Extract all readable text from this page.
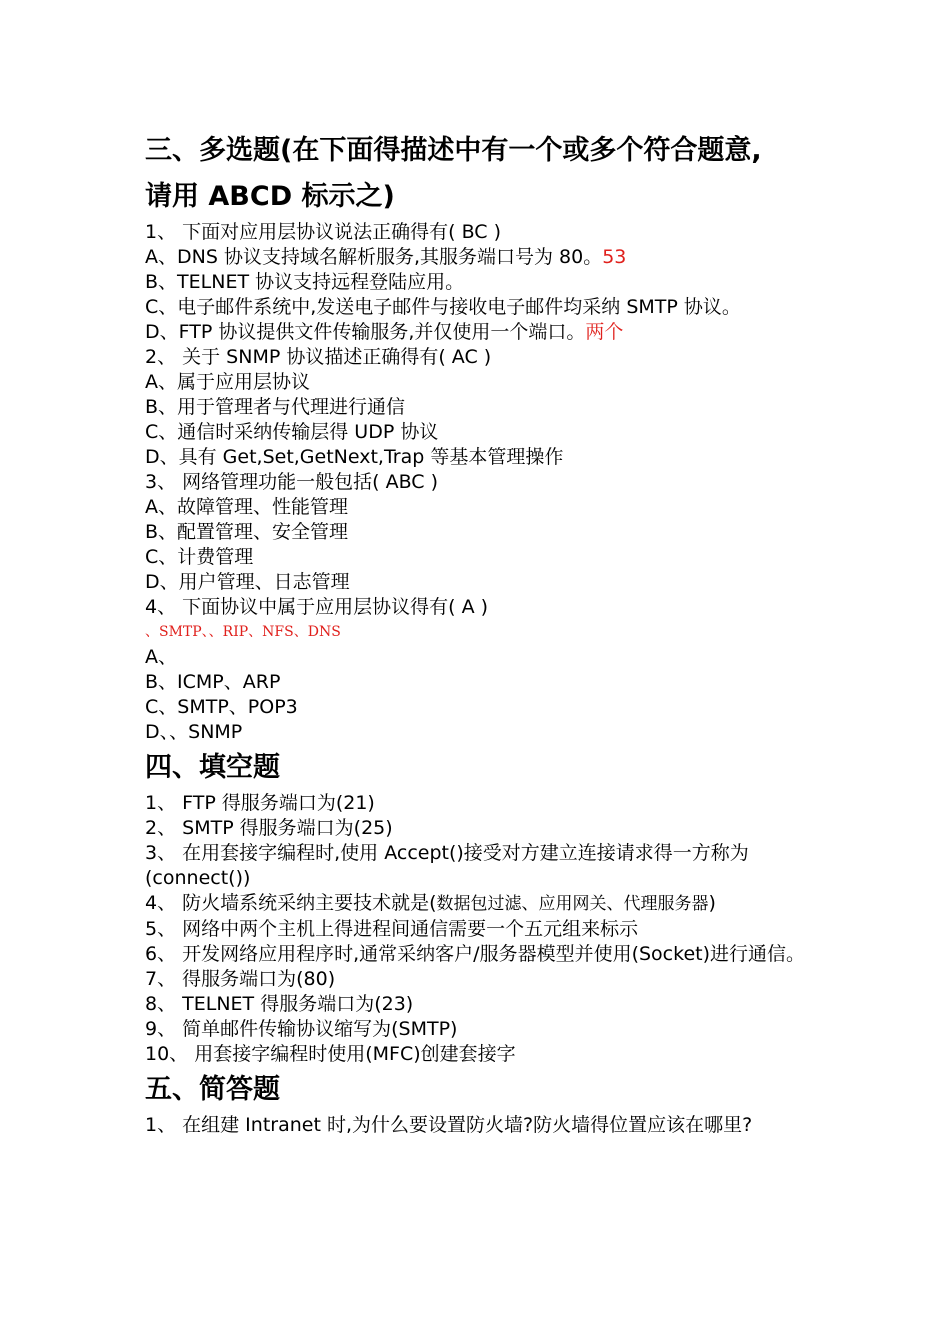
三、多选题(在下面得描述中有一个或多个符合题意,
请用 ABCD 标示之)
1、 下面对应用层协议说法正确得有( BC )
A、DNS 协议支持域名解析服务,其服务端口号为 80。53
B、TELNET 协议支持远程登陆应用。
C、电子邮件系统中,发送电子邮件与接收电子邮件均采纳 SMTP 协议。
D、FTP 协议提供文件传输服务,并仅使用一个端口。两个
2、 关于 SNMP 协议描述正确得有( AC )
A、属于应用层协议
B、用于管理者与代理进行通信
C、通信时采纳传输层得 UDP 协议
D、具有 Get,Set,GetNext,Trap 等基本管理操作
3、 网络管理功能一般包括( ABC )
A、故障管理、性能管理
B、配置管理、安全管理
C、计费管理
D、用户管理、日志管理
4、 下面协议中属于应用层协议得有( A )
、SMTP、、RIP、NFS、DNS
A、
B、ICMP、ARP
C、SMTP、POP3
D、、SNMP
四、填空题
1、 FTP 得服务端口为(21)
2、 SMTP 得服务端口为(25)
3、 在用套接字编程时,使用 Accept()接受对方建立连接请求得一方称为(connect())
4、 防火墙系统采纳主要技术就是(数据包过滤、应用网关、代理服务器)
5、 网络中两个主机上得进程间通信需要一个五元组来标示
6、 开发网络应用程序时,通常采纳客户/服务器模型并使用(Socket)进行通信。
7、 得服务端口为(80)
8、 TELNET 得服务端口为(23)
9、 简单邮件传输协议缩写为(SMTP)
10、 用套接字编程时使用(MFC)创建套接字
五、简答题
1、 在组建 Intranet 时,为什么要设置防火墙?防火墙得位置应该在哪里?
